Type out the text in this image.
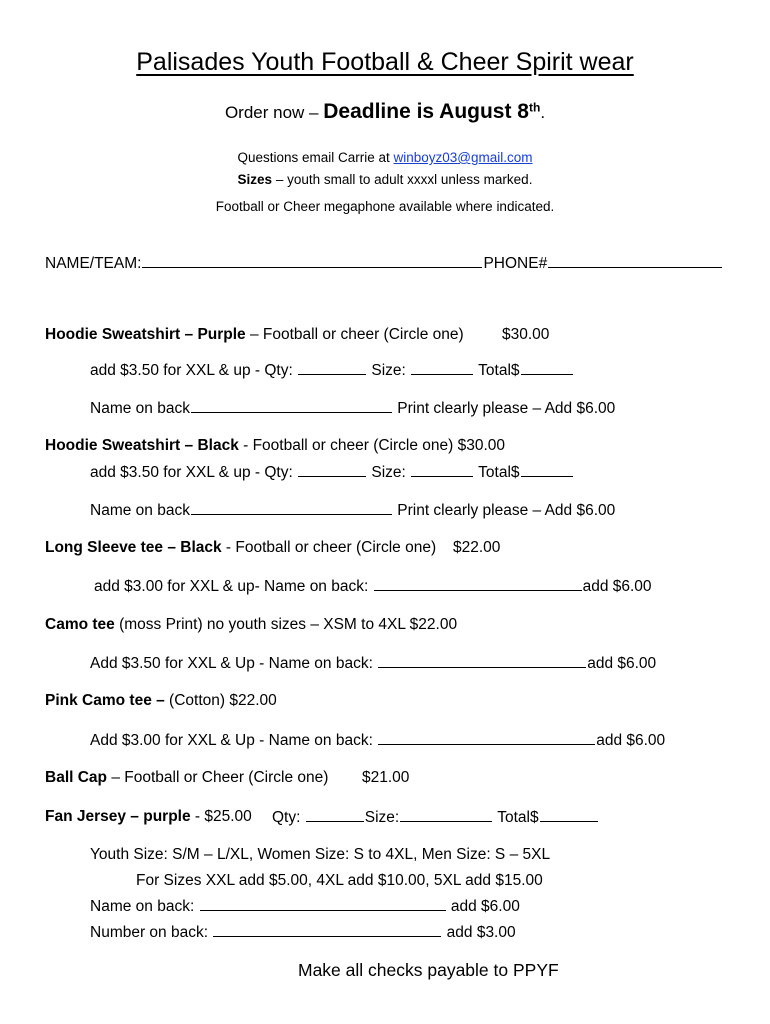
Palisades Youth Football & Cheer Spirit wear
Order now – Deadline is August 8th.
Questions email Carrie at winboyz03@gmail.com
Sizes – youth small to adult xxxxl unless marked.
Football or Cheer megaphone available where indicated.
NAME/TEAM:	PHONE#
Hoodie Sweatshirt – Purple – Football or cheer (Circle one) $30.00
add $3.50 for XXL & up - Qty:	Size:	Total$
Name on back	Print clearly please – Add $6.00
Hoodie Sweatshirt – Black - Football or cheer (Circle one) $30.00
add $3.50 for XXL & up - Qty:	Size:	Total$
Name on back	Print clearly please – Add $6.00
Long Sleeve tee – Black - Football or cheer (Circle one) $22.00
add $3.00 for XXL & up- Name on back:	add $6.00
Camo tee (moss Print) no youth sizes – XSM to 4XL $22.00
Add $3.50 for XXL & Up - Name on back:	add $6.00
Pink Camo tee – (Cotton) $22.00
Add $3.00 for XXL & Up - Name on back:	add $6.00
Ball Cap – Football or Cheer (Circle one) $21.00
Fan Jersey – purple - $25.00 Qty:	Size:	Total$
Youth Size: S/M – L/XL, Women Size: S to 4XL, Men Size: S – 5XL
For Sizes XXL add $5.00, 4XL add $10.00, 5XL add $15.00
Name on back:	add $6.00
Number on back:	add $3.00
Make all checks payable to PPYF
